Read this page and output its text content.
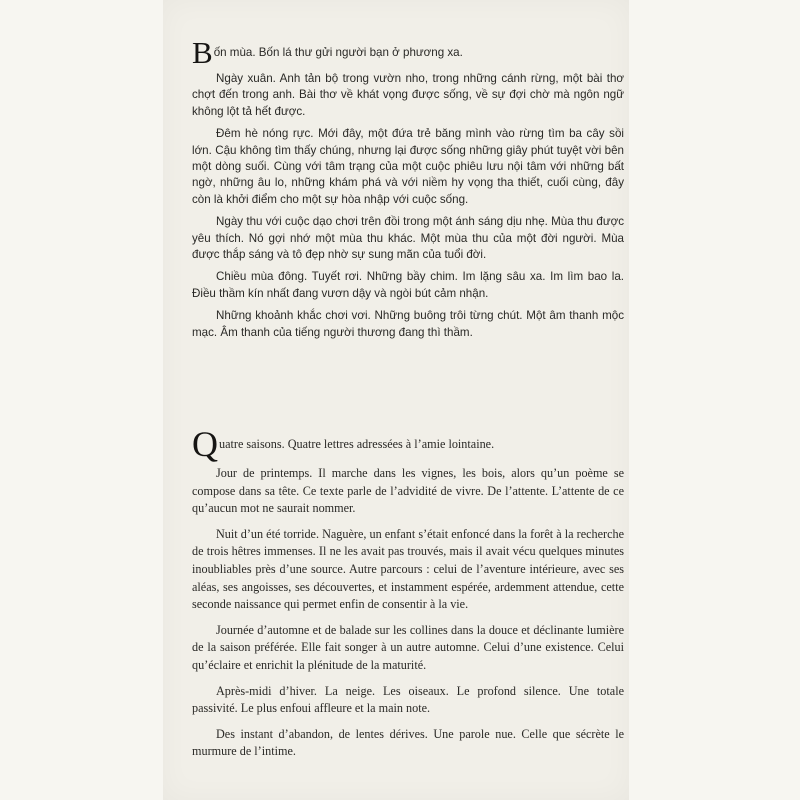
Bốn mùa. Bốn lá thư gửi người bạn ở phương xa.

Ngày xuân. Anh tản bộ trong vườn nho, trong những cánh rừng, một bài thơ chợt đến trong anh. Bài thơ về khát vọng được sống, về sự đợi chờ mà ngôn ngữ không lột tả hết được.

Đêm hè nóng rực. Mới đây, một đứa trẻ băng mình vào rừng tìm ba cây sồi lớn. Cậu không tìm thấy chúng, nhưng lại được sống những giây phút tuyệt vời bên một dòng suối. Cùng với tâm trạng của một cuộc phiêu lưu nội tâm với những bất ngờ, những âu lo, những khám phá và với niềm hy vọng tha thiết, cuối cùng, đây còn là khởi điểm cho một sự hòa nhập với cuộc sống.

Ngày thu với cuộc dạo chơi trên đồi trong một ánh sáng dịu nhẹ. Mùa thu được yêu thích. Nó gợi nhớ một mùa thu khác. Một mùa thu của một đời người. Mùa được thắp sáng và tô đẹp nhờ sự sung mãn của tuổi đời.

Chiều mùa đông. Tuyết rơi. Những bầy chim. Im lặng sâu xa. Im lìm bao la. Điều thầm kín nhất đang vươn dậy và ngòi bút cảm nhận.

Những khoảnh khắc chơi vơi. Những buông trôi từng chút. Một âm thanh mộc mạc. Âm thanh của tiếng người thương đang thì thầm.

Quatre saisons. Quatre lettres adressées à l’amie lointaine.

Jour de printemps. Il marche dans les vignes, les bois, alors qu’un poème se compose dans sa tête. Ce texte parle de l’advidité de vivre. De l’attente. L’attente de ce qu’aucun mot ne saurait nommer.

Nuit d’un été torride. Naguère, un enfant s’était enfoncé dans la forêt à la recherche de trois hêtres immenses. Il ne les avait pas trouvés, mais il avait vécu quelques minutes inoubliables près d’une source. Autre parcours : celui de l’aventure intérieure, avec ses aléas, ses angoisses, ses découvertes, et instamment espérée, ardemment attendue, cette seconde naissance qui permet enfin de consentir à la vie.

Journée d’automne et de balade sur les collines dans la douce et déclinante lumière de la saison préférée. Elle fait songer à un autre automne. Celui d’une existence. Celui qu’éclaire et enrichit la plénitude de la maturité.

Après-midi d’hiver. La neige. Les oiseaux. Le profond silence. Une totale passivité. Le plus enfoui affleure et la main note.

Des instant d’abandon, de lentes dérives. Une parole nue. Celle que sécrète le murmure de l’intime.
